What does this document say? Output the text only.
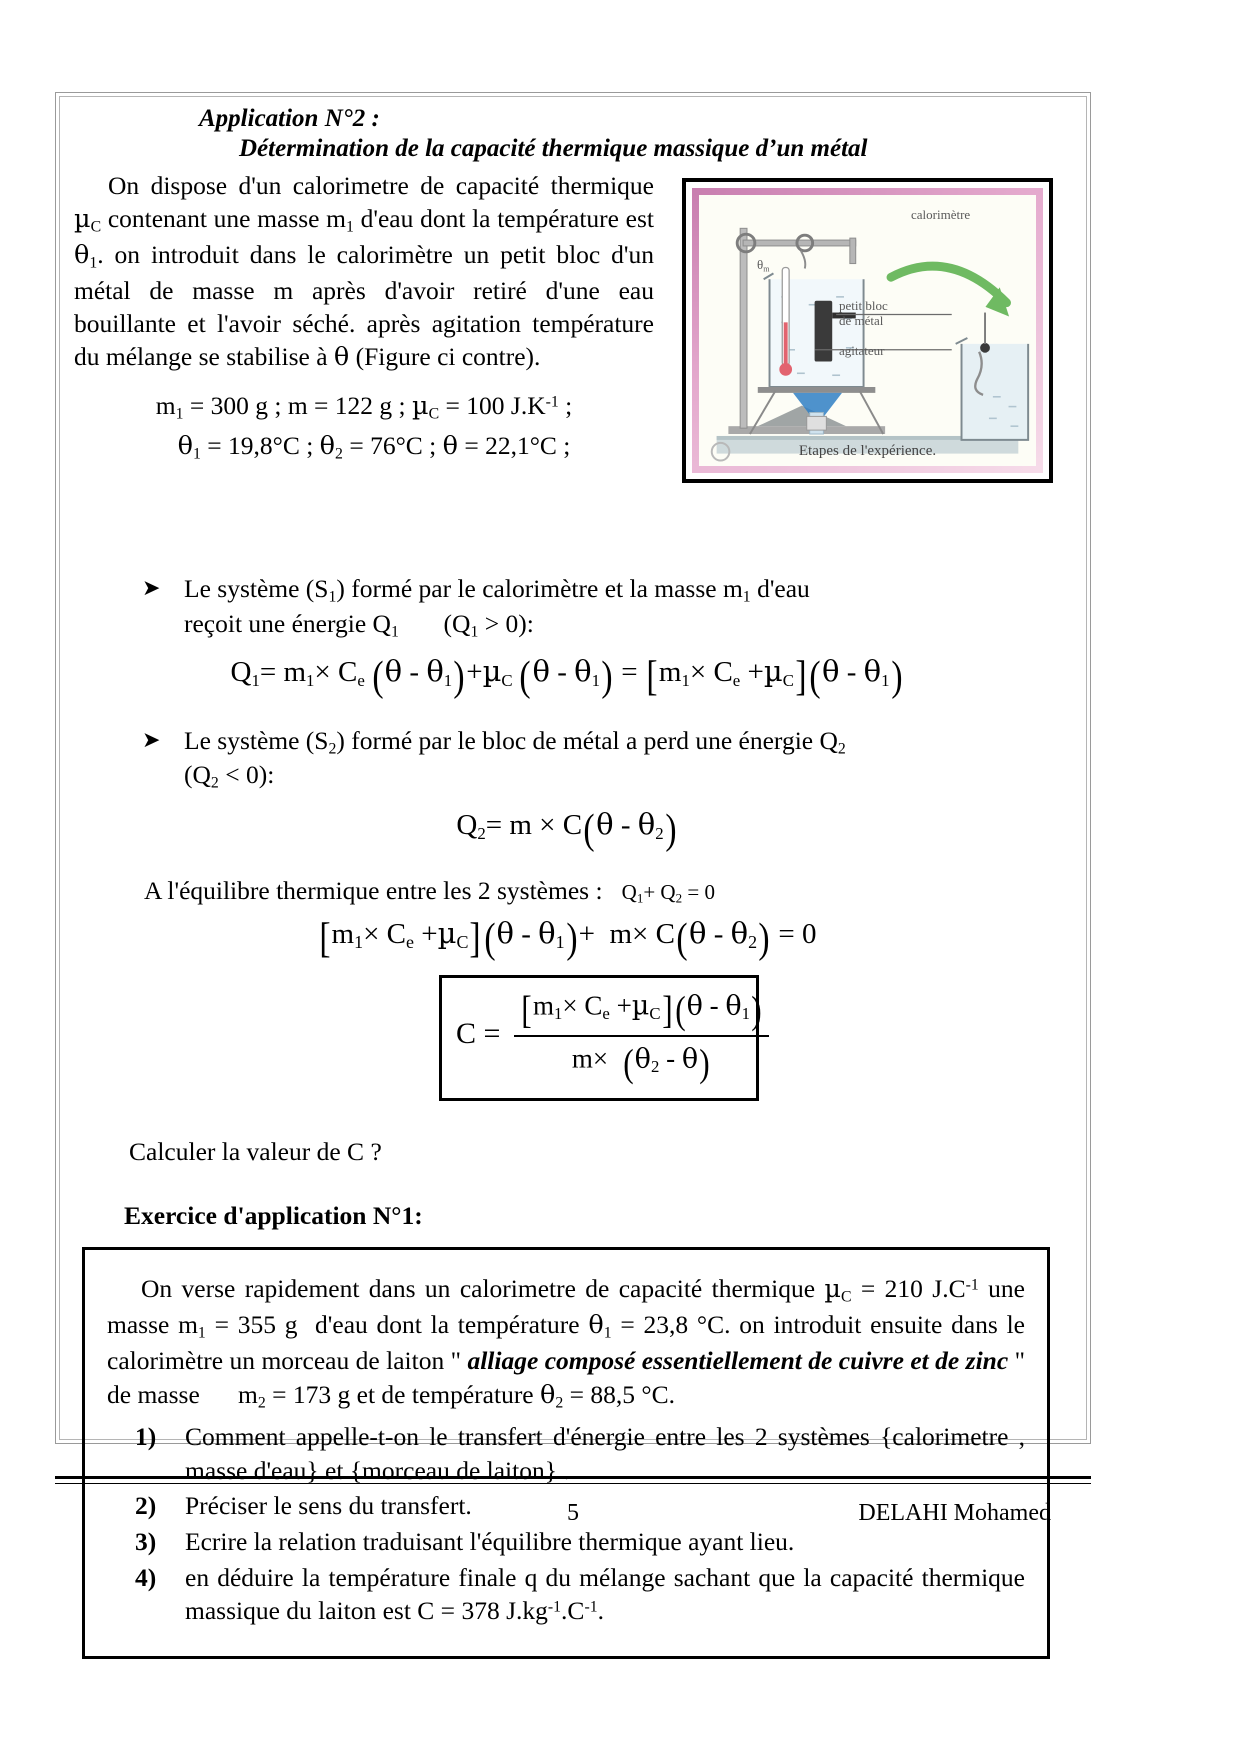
Application N°2 :
Détermination de la capacité thermique massique d’un métal
On dispose d'un calorimetre de capacité thermique µ$_C$ contenant une masse $m_1$ d'eau dont la température est $\theta_1$. on introduit dans le calorimètre un petit bloc d'un métal de masse m après d'avoir retiré d'une eau bouillante et l'avoir séché. après agitation température du mélange se stabilise à θ (Figure ci contre).
$m_1 = 300$ g ; m = 122 g ; µ$_C$ = 100 $J.K^{-1}$ ;
$\theta_1 = 19,8^\circ C$ ; $\theta_2 = 76^\circ C$ ; θ = 22,1°C ;
calorimètre
petit bloc
de métal
agitateur
$\theta_m$
Etapes de l'expérience.
➤ Le système $(S_1)$ formé par le calorimètre et la masse $m_1$ d'eau
reçoit une énergie $Q_1$       $(Q_1 > 0)$:
$Q_1= m_1\times C_e$  $(\theta - \theta_1)+\mu_C$  $(\theta - \theta_1) = [m_1\times C_e +\mu_C](\theta - \theta_1)$
➤ Le système $(S_2)$ formé par le bloc de métal a perd une énergie $Q_2$
$(Q_2 < 0)$:
$Q_2= m \times C(\theta - \theta_2)$
A l'équilibre thermique entre les 2 systèmes :   $Q_1+ Q_2 = 0$
$[m_1\times C_e +\mu_C](\theta - \theta_1)+ m\times C(\theta - \theta_2) = 0$
$C = \frac{[m_1\times C_e +\mu_C](\theta - \theta_1)}{m\times (\theta_2 - \theta)}$
Calculer la valeur de C ?
Exercice d'application N°1:

On verse rapidement dans un calorimetre de capacité thermique µ$_C$ = 210 $J.C^{-1}$ une masse $m_1 = 355$ g  d'eau dont la température $\theta_1 = 23,8$ °C. on introduit ensuite dans le calorimètre un morceau de laiton " alliage composé essentiellement de cuivre et de zinc " de masse      $m_2 = 173$ g et de température $\theta_2 = 88,5$ °C.

1) Comment appelle-t-on le transfert d'énergie entre les 2 systèmes {calorimetre , masse d'eau} et {morceau de laiton} .
2) Préciser le sens du transfert.
3) Ecrire la relation traduisant l'équilibre thermique ayant lieu.
4) en déduire la température finale q du mélange sachant que la capacité thermique massique du laiton est C = 378 $J.kg^{-1}.C^{-1}$.
5	DELAHI Mohamed
